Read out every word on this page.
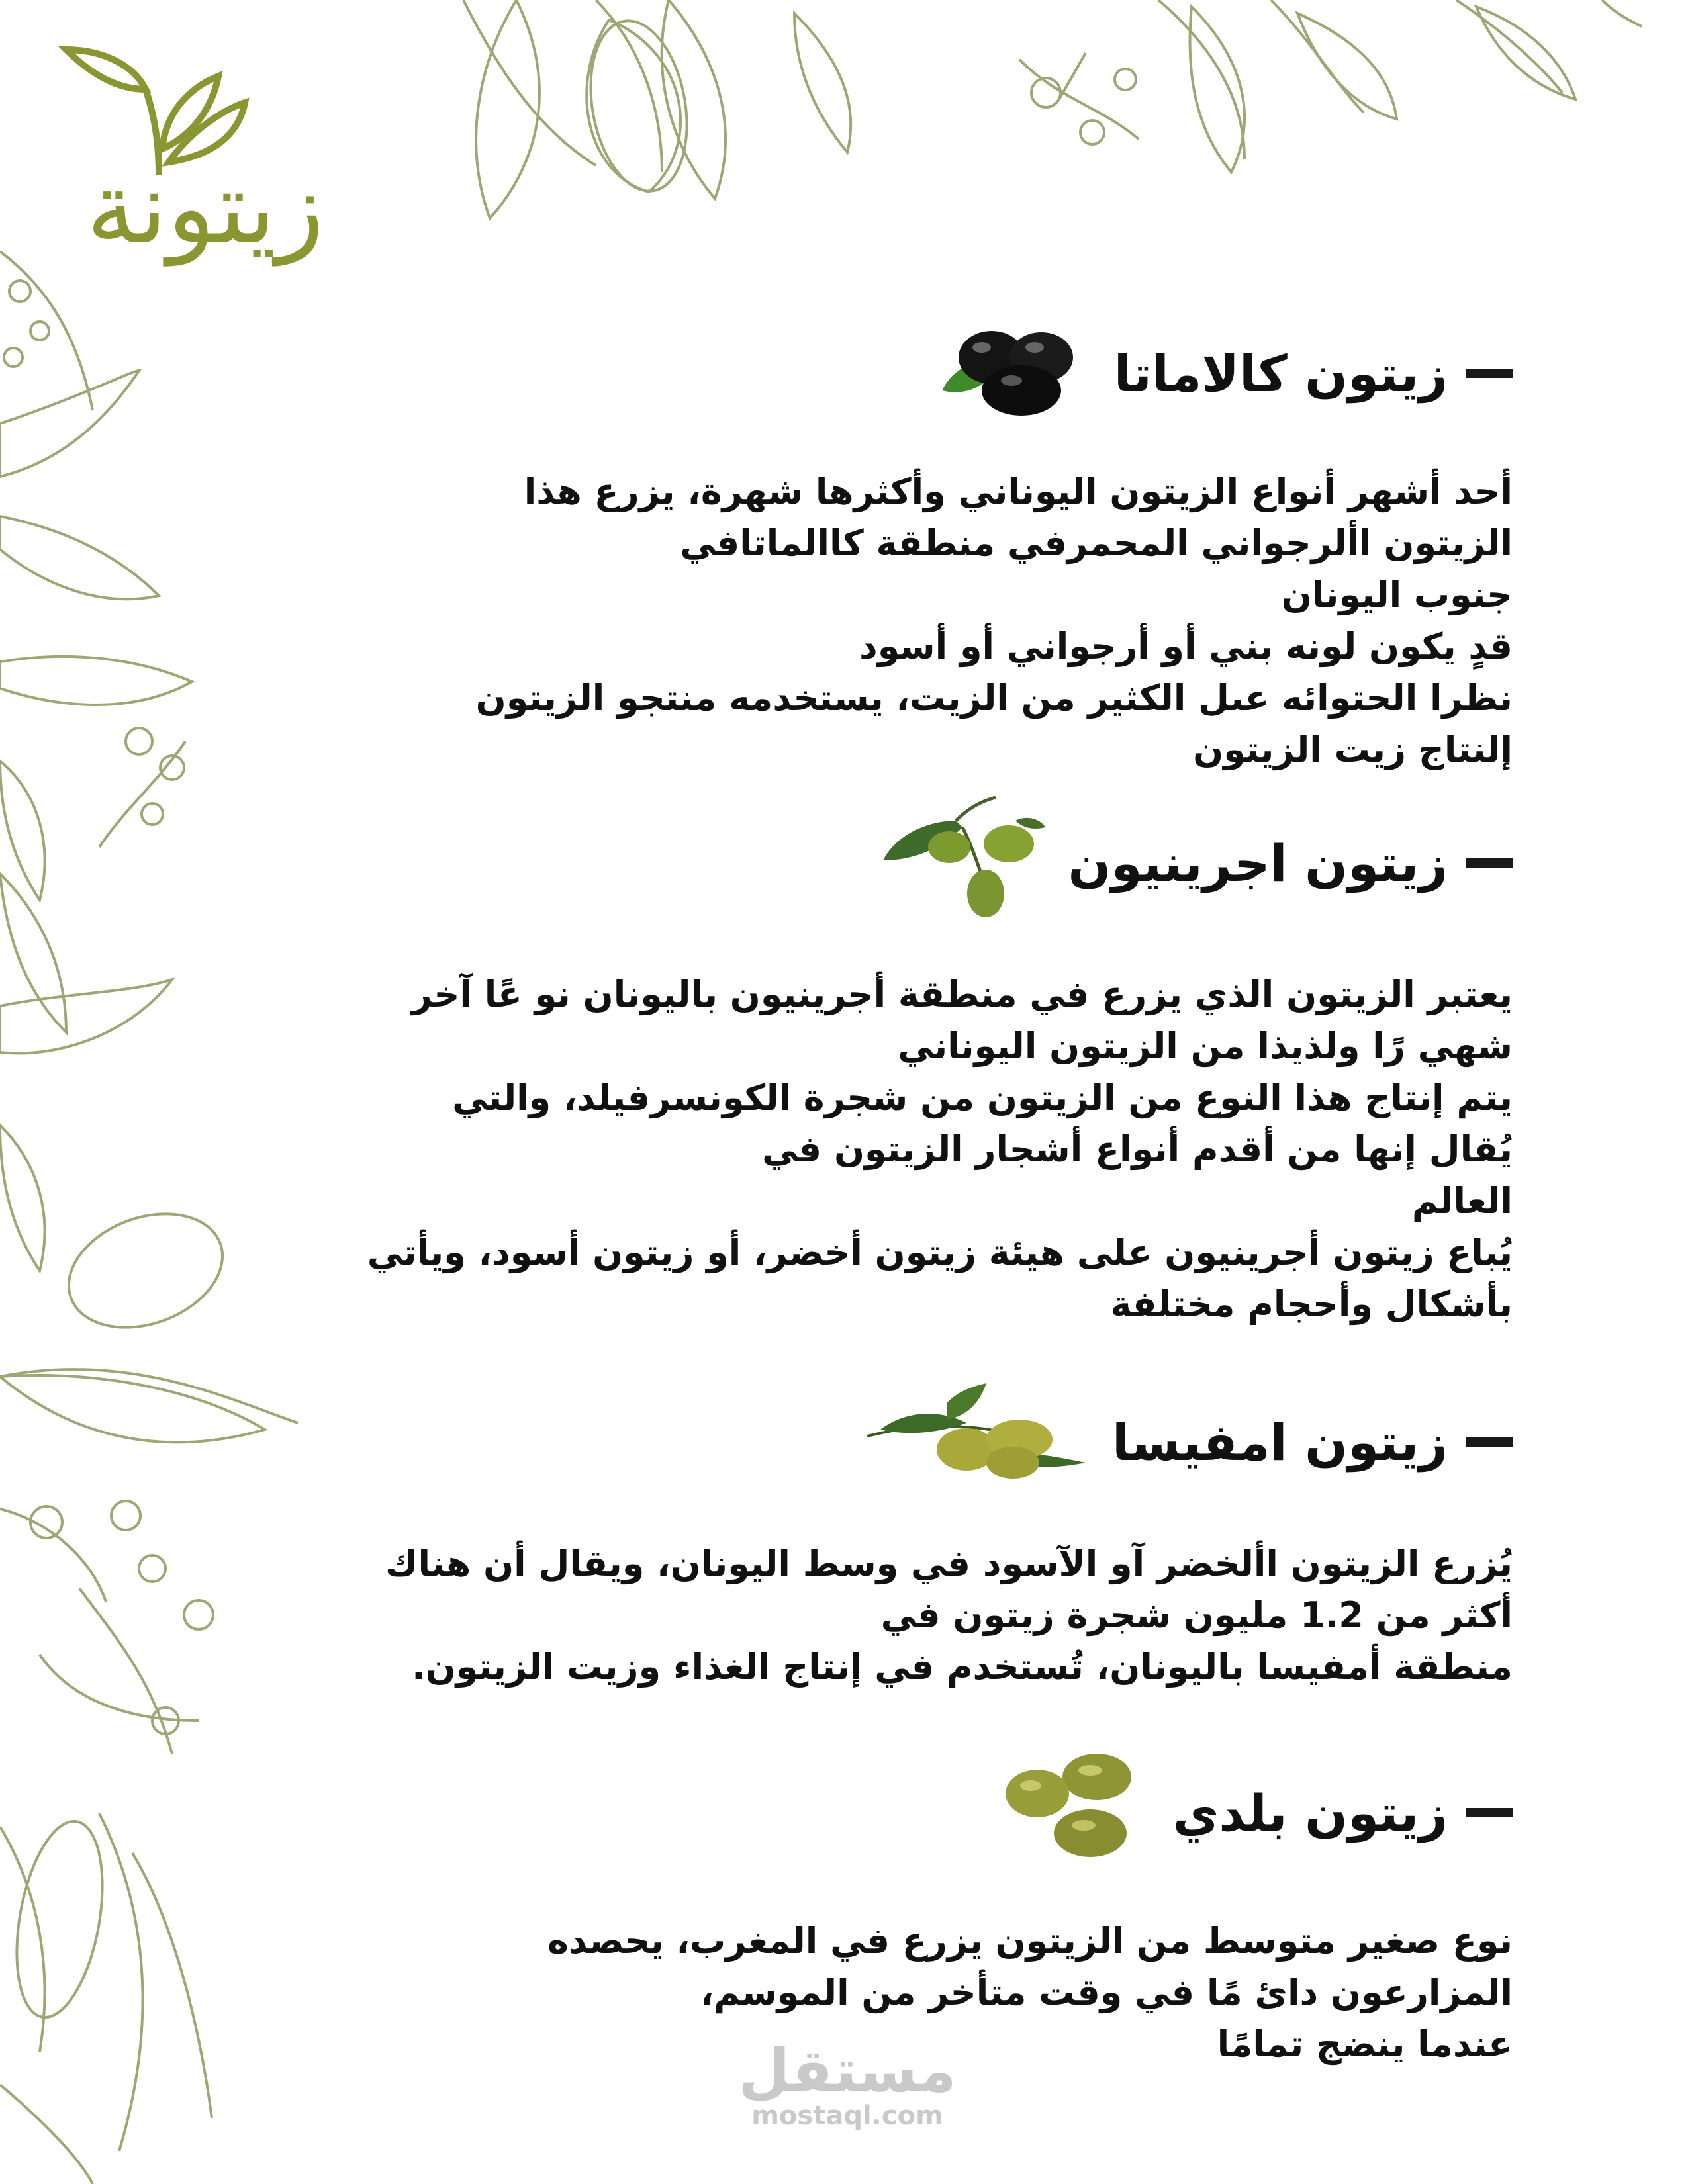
زيتونة
زيتون كالاماتا
أحد أشهر أنواع الزيتون اليوناني وأكثرها شهرة، يزرع هذا
الزيتون األرجواني المحمرفي منطقة كاالماتافي
جنوب اليونان
قدٍ يكون لونه بني أو أرجواني أو أسود
نظرا الحتوائه عىل الكثير من الزيت، يستخدمه منتجو الزيتون
إلنتاج زيت الزيتون
زيتون اجرينيون
يعتبر الزيتون الذي يزرع في منطقة أجرينيون باليونان نو عًا آخر
شهي رًا ولذيذا من الزيتون اليوناني
يتم إنتاج هذا النوع من الزيتون من شجرة الكونسرفيلد، والتي
يُقال إنها من أقدم أنواع أشجار الزيتون في
العالم
يُباع زيتون أجرينيون على هيئة زيتون أخضر، أو زيتون أسود، ويأتي
بأشكال وأحجام مختلفة
زيتون امفيسا
يُزرع الزيتون األخضر آو الآسود في وسط اليونان، ويقال أن هناك
أكثر من 1.2 مليون شجرة زيتون في
منطقة أمفيسا باليونان، تُستخدم في إنتاج الغذاء وزيت الزيتون.
زيتون بلدي
نوع صغير متوسط من الزيتون يزرع في المغرب، يحصده
المزارعون دائ مًا في وقت متأخر من الموسم،
عندما ينضج تمامًا
مستقل
mostaql.com
